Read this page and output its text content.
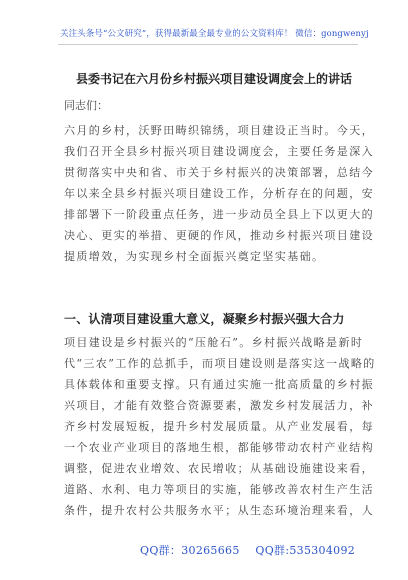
关注头条号“公文研究”，获得最新最全最专业的公文资料库！ 微信：gongwenyj
县委书记在六月份乡村振兴项目建设调度会上的讲话
同志们：
六月的乡村，沃野田畴织锦绣，项目建设正当时。今天，
我们召开全县乡村振兴项目建设调度会，主要任务是深入
贯彻落实中央和省、市关于乡村振兴的决策部署，总结今
年以来全县乡村振兴项目建设工作，分析存在的问题，安
排部署下一阶段重点任务，进一步动员全县上下以更大的
决心、更实的举措、更硬的作风，推动乡村振兴项目建设
提质增效，为实现乡村全面振兴奠定坚实基础。
一、认清项目建设重大意义，凝聚乡村振兴强大合力
项目建设是乡村振兴的“压舱石”。乡村振兴战略是新时
代“三农”工作的总抓手，而项目建设则是落实这一战略的
具体载体和重要支撑。只有通过实施一批高质量的乡村振
兴项目，才能有效整合资源要素，激发乡村发展活力，补
齐乡村发展短板，提升乡村发展质量。从产业发展看，每
一个农业产业项目的落地生根，都能够带动农村产业结构
调整，促进农业增效、农民增收；从基础设施建设来看，
道路、水利、电力等项目的实施，能够改善农村生产生活
条件，提升农村公共服务水平；从生态环境治理来看，人
QQ群：30265665 QQ群:535304092
